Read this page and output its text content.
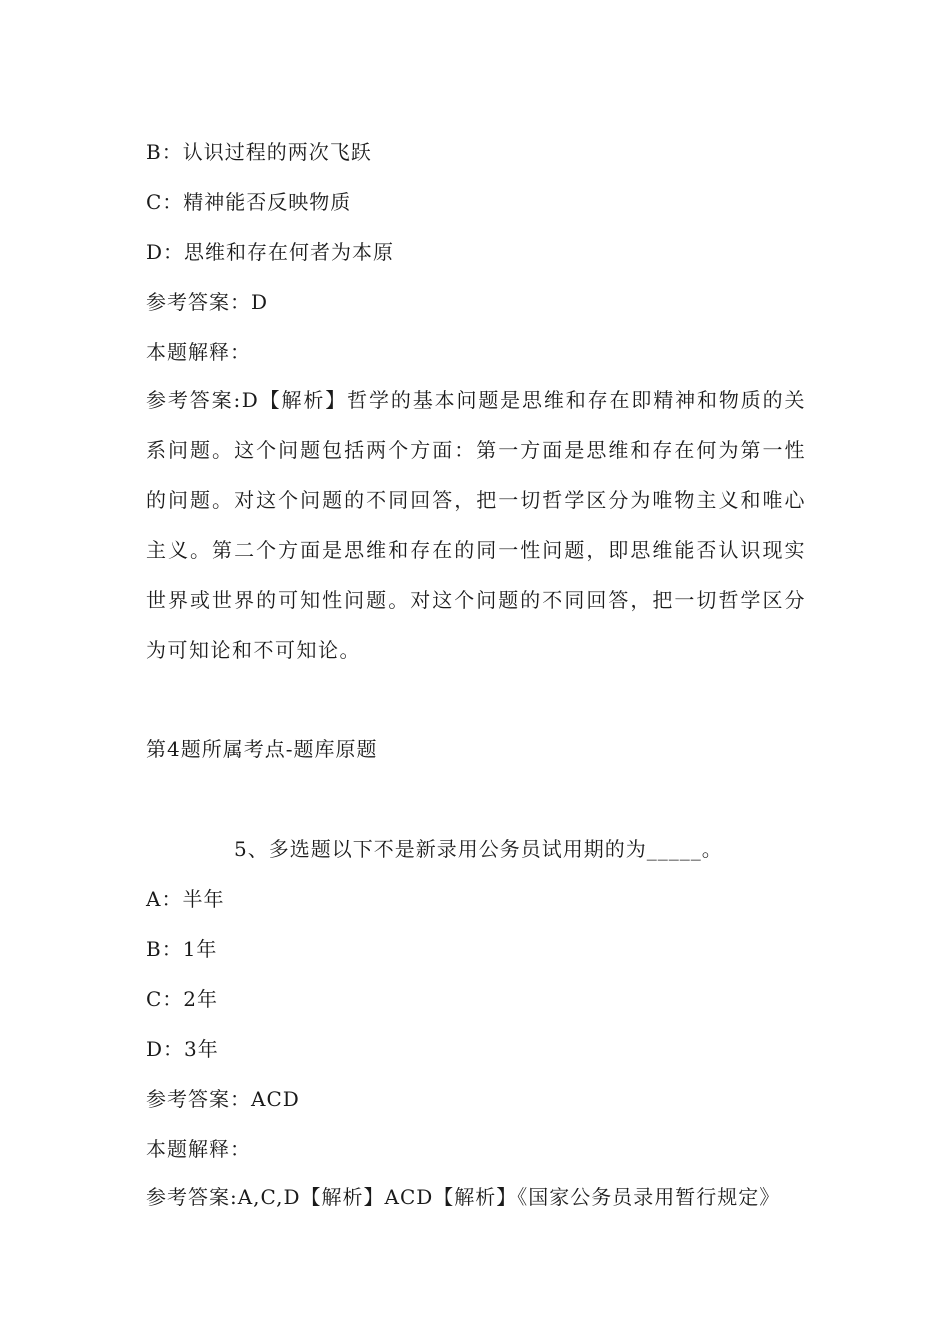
B：认识过程的两次飞跃
C：精神能否反映物质
D：思维和存在何者为本原
参考答案：D
本题解释：
参考答案:D【解析】哲学的基本问题是思维和存在即精神和物质的关系问题。这个问题包括两个方面：第一方面是思维和存在何为第一性的问题。对这个问题的不同回答，把一切哲学区分为唯物主义和唯心主义。第二个方面是思维和存在的同一性问题，即思维能否认识现实世界或世界的可知性问题。对这个问题的不同回答，把一切哲学区分为可知论和不可知论。
第4题所属考点-题库原题
5、多选题以下不是新录用公务员试用期的为_____。
A：半年
B：1年
C：2年
D：3年
参考答案：ACD
本题解释：
参考答案:A,C,D【解析】ACD【解析】《国家公务员录用暂行规定》
